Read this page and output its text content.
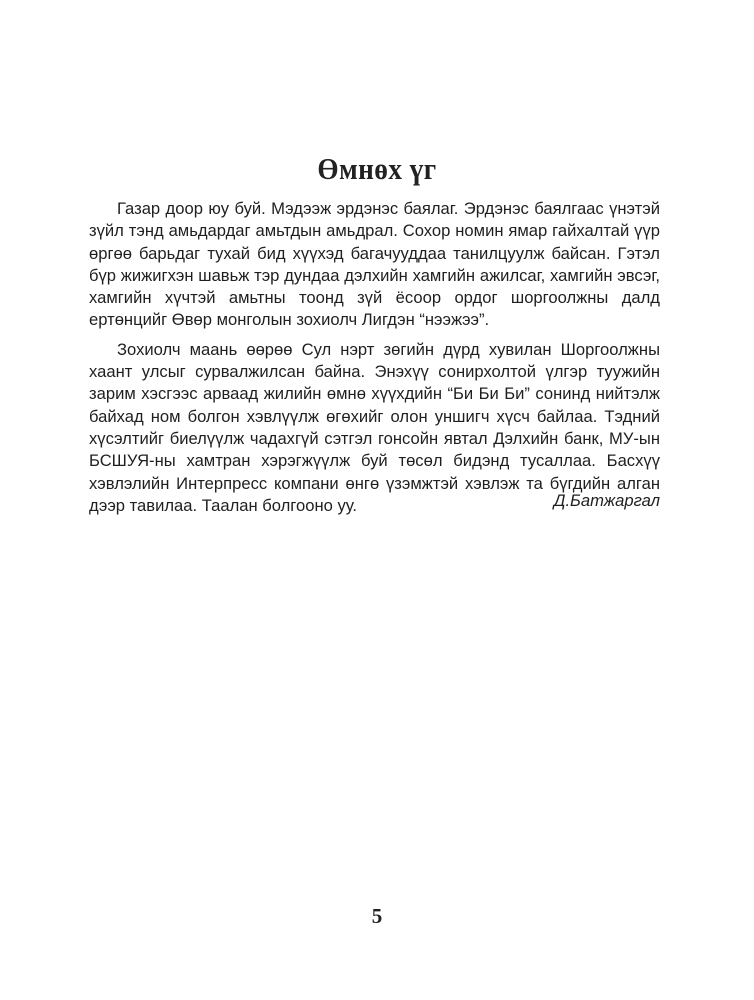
Өмнөх үг

Газар доор юу буй. Мэдээж эрдэнэс баялаг. Эрдэнэс баялгаас үнэтэй зүйл тэнд амьдардаг амьтдын амьдрал. Сохор номин ямар гайхалтай үүр өргөө барьдаг тухай бид хүүхэд багачууддаа танилцуулж байсан. Гэтэл бүр жижигхэн шавьж тэр дундаа дэлхийн хамгийн ажилсаг, хамгийн эвсэг, хамгийн хүчтэй амьтны тоонд зүй ёсоор ордог шоргоолжны далд ертөнцийг Өвөр монголын зохиолч Лигдэн “нээжээ”.

Зохиолч маань өөрөө Сул нэрт зөгийн дүрд хувилан Шоргоолжны хаант улсыг сурвалжилсан байна. Энэхүү сонирхолтой үлгэр туужийн зарим хэсгээс арваад жилийн өмнө хүүхдийн “Би Би Би” сонинд нийтэлж байхад ном болгон хэвлүүлж өгөхийг олон уншигч хүсч байлаа. Тэдний хүсэлтийг биелүүлж чадахгүй сэтгэл гонсойн явтал Дэлхийн банк, МУ-ын БСШУЯ-ны хамтран хэрэгжүүлж буй төсөл бидэнд тусаллаа. Басхүү хэвлэлийн Интерпресс компани өнгө үзэмжтэй хэвлэж та бүгдийн алган дээр тавилаа. Таалан болгооно уу.	Д.Батжаргал
5
